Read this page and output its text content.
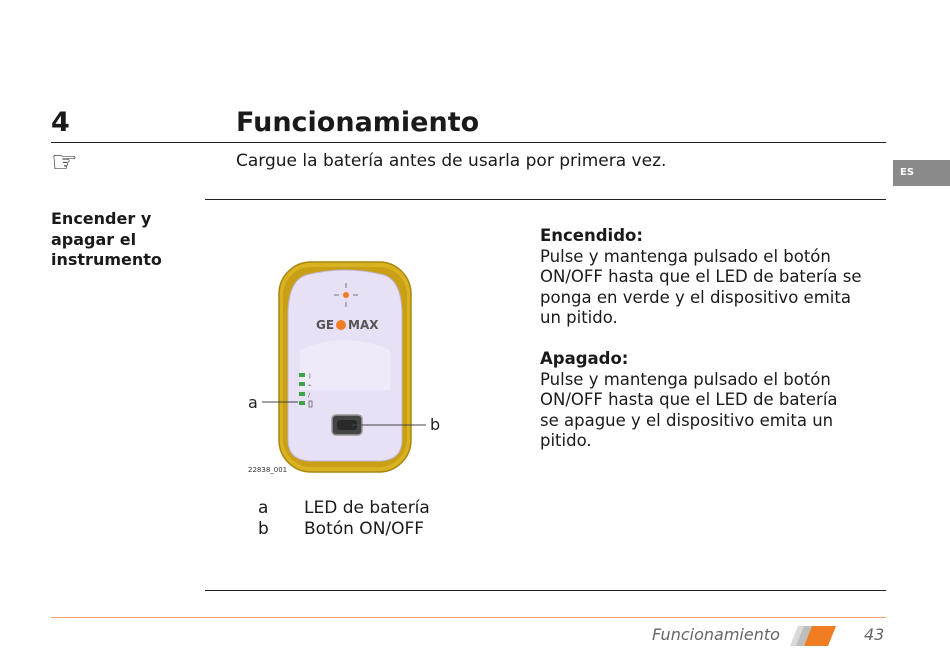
4	Funcionamiento
☞	Cargue la batería antes de usarla por primera vez.
ES
Encender y
apagar el
instrumento
GE MAX
ᛒ
⌁
∕
a
b
22838_001
a	LED de batería
b	Botón ON/OFF
Encendido:
Pulse y mantenga pulsado el botón
ON/OFF hasta que el LED de batería se
ponga en verde y el dispositivo emita
un pitido.
Apagado:
Pulse y mantenga pulsado el botón
ON/OFF hasta que el LED de batería
se apague y el dispositivo emita un
pitido.
Funcionamiento	43
